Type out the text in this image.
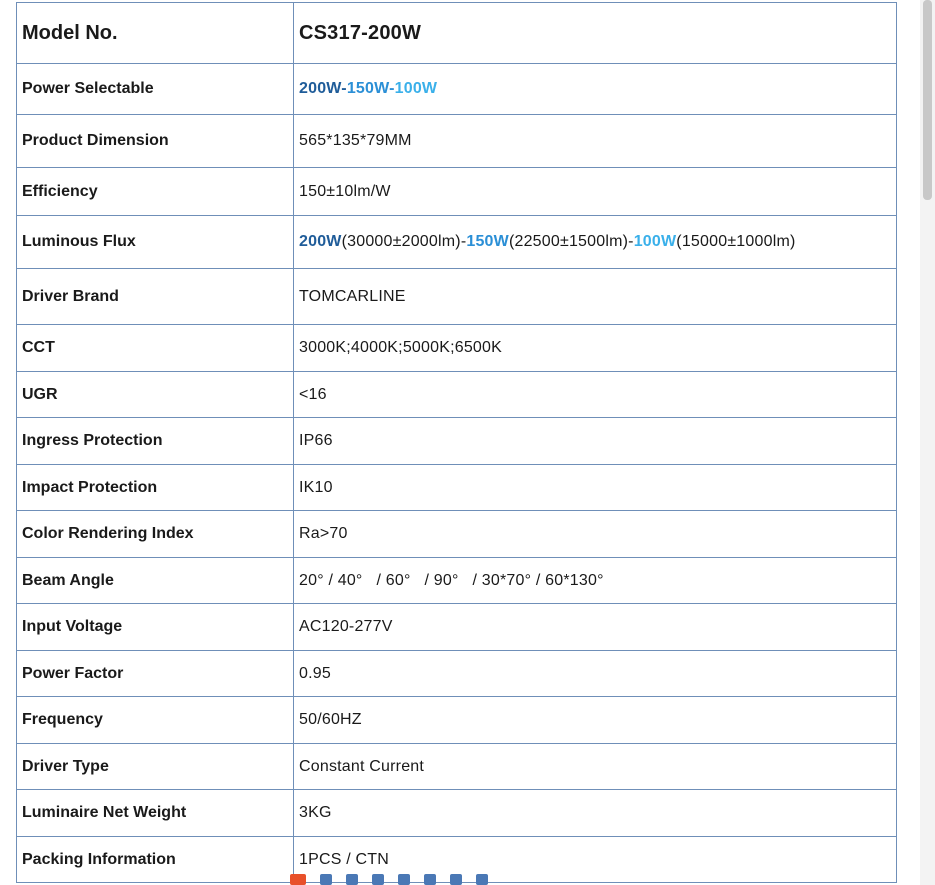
Model No.	CS317-200W
Power Selectable	200W-150W-100W
Product Dimension	565*135*79MM
Efficiency	150±10lm/W
Luminous Flux	200W(30000±2000lm)-150W(22500±1500lm)-100W(15000±1000lm)
Driver Brand	TOMCARLINE
CCT	3000K;4000K;5000K;6500K
UGR	<16
Ingress Protection	IP66
Impact Protection	IK10
Color Rendering Index	Ra>70
Beam Angle	20° / 40°   / 60°   / 90°   / 30*70° / 60*130°
Input Voltage	AC120-277V
Power Factor	0.95
Frequency	50/60HZ
Driver Type	Constant Current
Luminaire Net Weight	3KG
Packing Information	1PCS / CTN
